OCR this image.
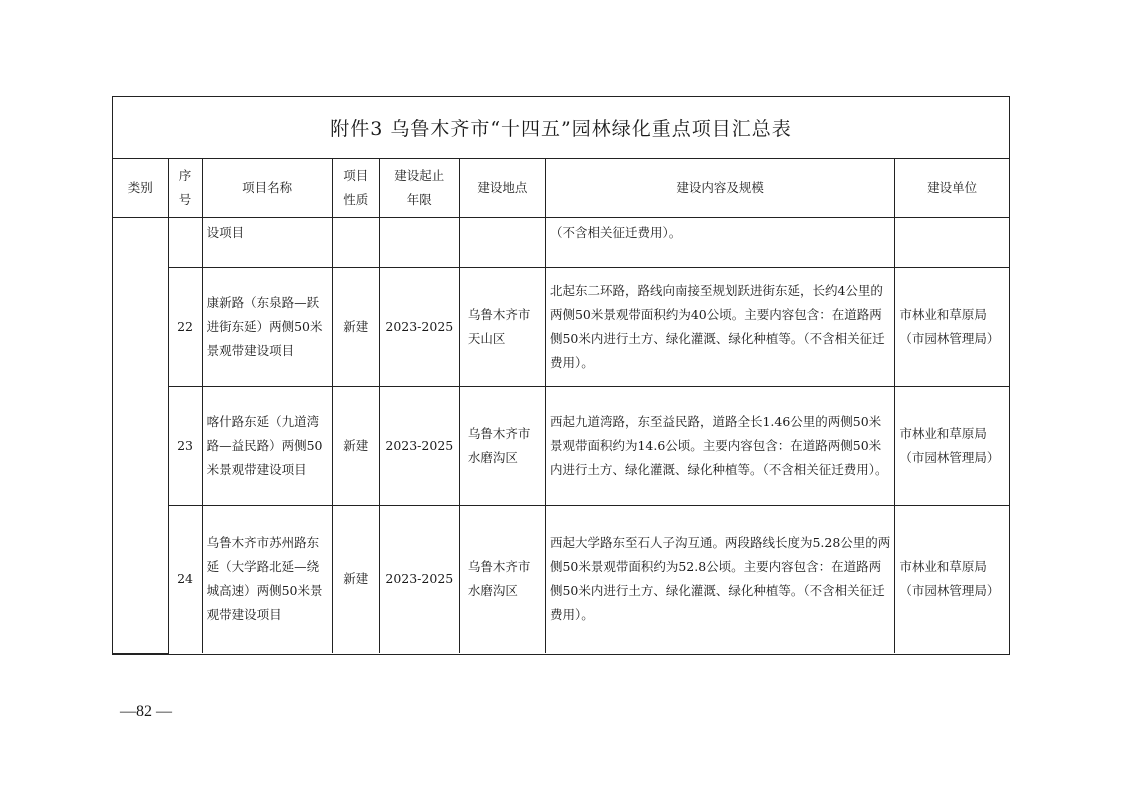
附件3 乌鲁木齐市“十四五”园林绿化重点项目汇总表
类别	序号	项目名称	项目性质	建设起止年限	建设地点	建设内容及规模	建设单位
		设项目				（不含相关征迁费用）。	
	22	康新路（东泉路—跃进街东延）两侧50米景观带建设项目	新建	2023-2025	乌鲁木齐市天山区	北起东二环路，路线向南接至规划跃进街东延，长约4公里的两侧50米景观带面积约为40公顷。主要内容包含：在道路两侧50米内进行土方、绿化灌溉、绿化种植等。（不含相关征迁费用）。	市林业和草原局（市园林管理局）
	23	喀什路东延（九道湾路—益民路）两侧50米景观带建设项目	新建	2023-2025	乌鲁木齐市水磨沟区	西起九道湾路，东至益民路，道路全长1.46公里的两侧50米景观带面积约为14.6公顷。主要内容包含：在道路两侧50米内进行土方、绿化灌溉、绿化种植等。（不含相关征迁费用）。	市林业和草原局（市园林管理局）
	24	乌鲁木齐市苏州路东延（大学路北延—绕城高速）两侧50米景观带建设项目	新建	2023-2025	乌鲁木齐市水磨沟区	西起大学路东至石人子沟互通。两段路线长度为5.28公里的两侧50米景观带面积约为52.8公顷。主要内容包含：在道路两侧50米内进行土方、绿化灌溉、绿化种植等。（不含相关征迁费用）。	市林业和草原局（市园林管理局）
—82 —
